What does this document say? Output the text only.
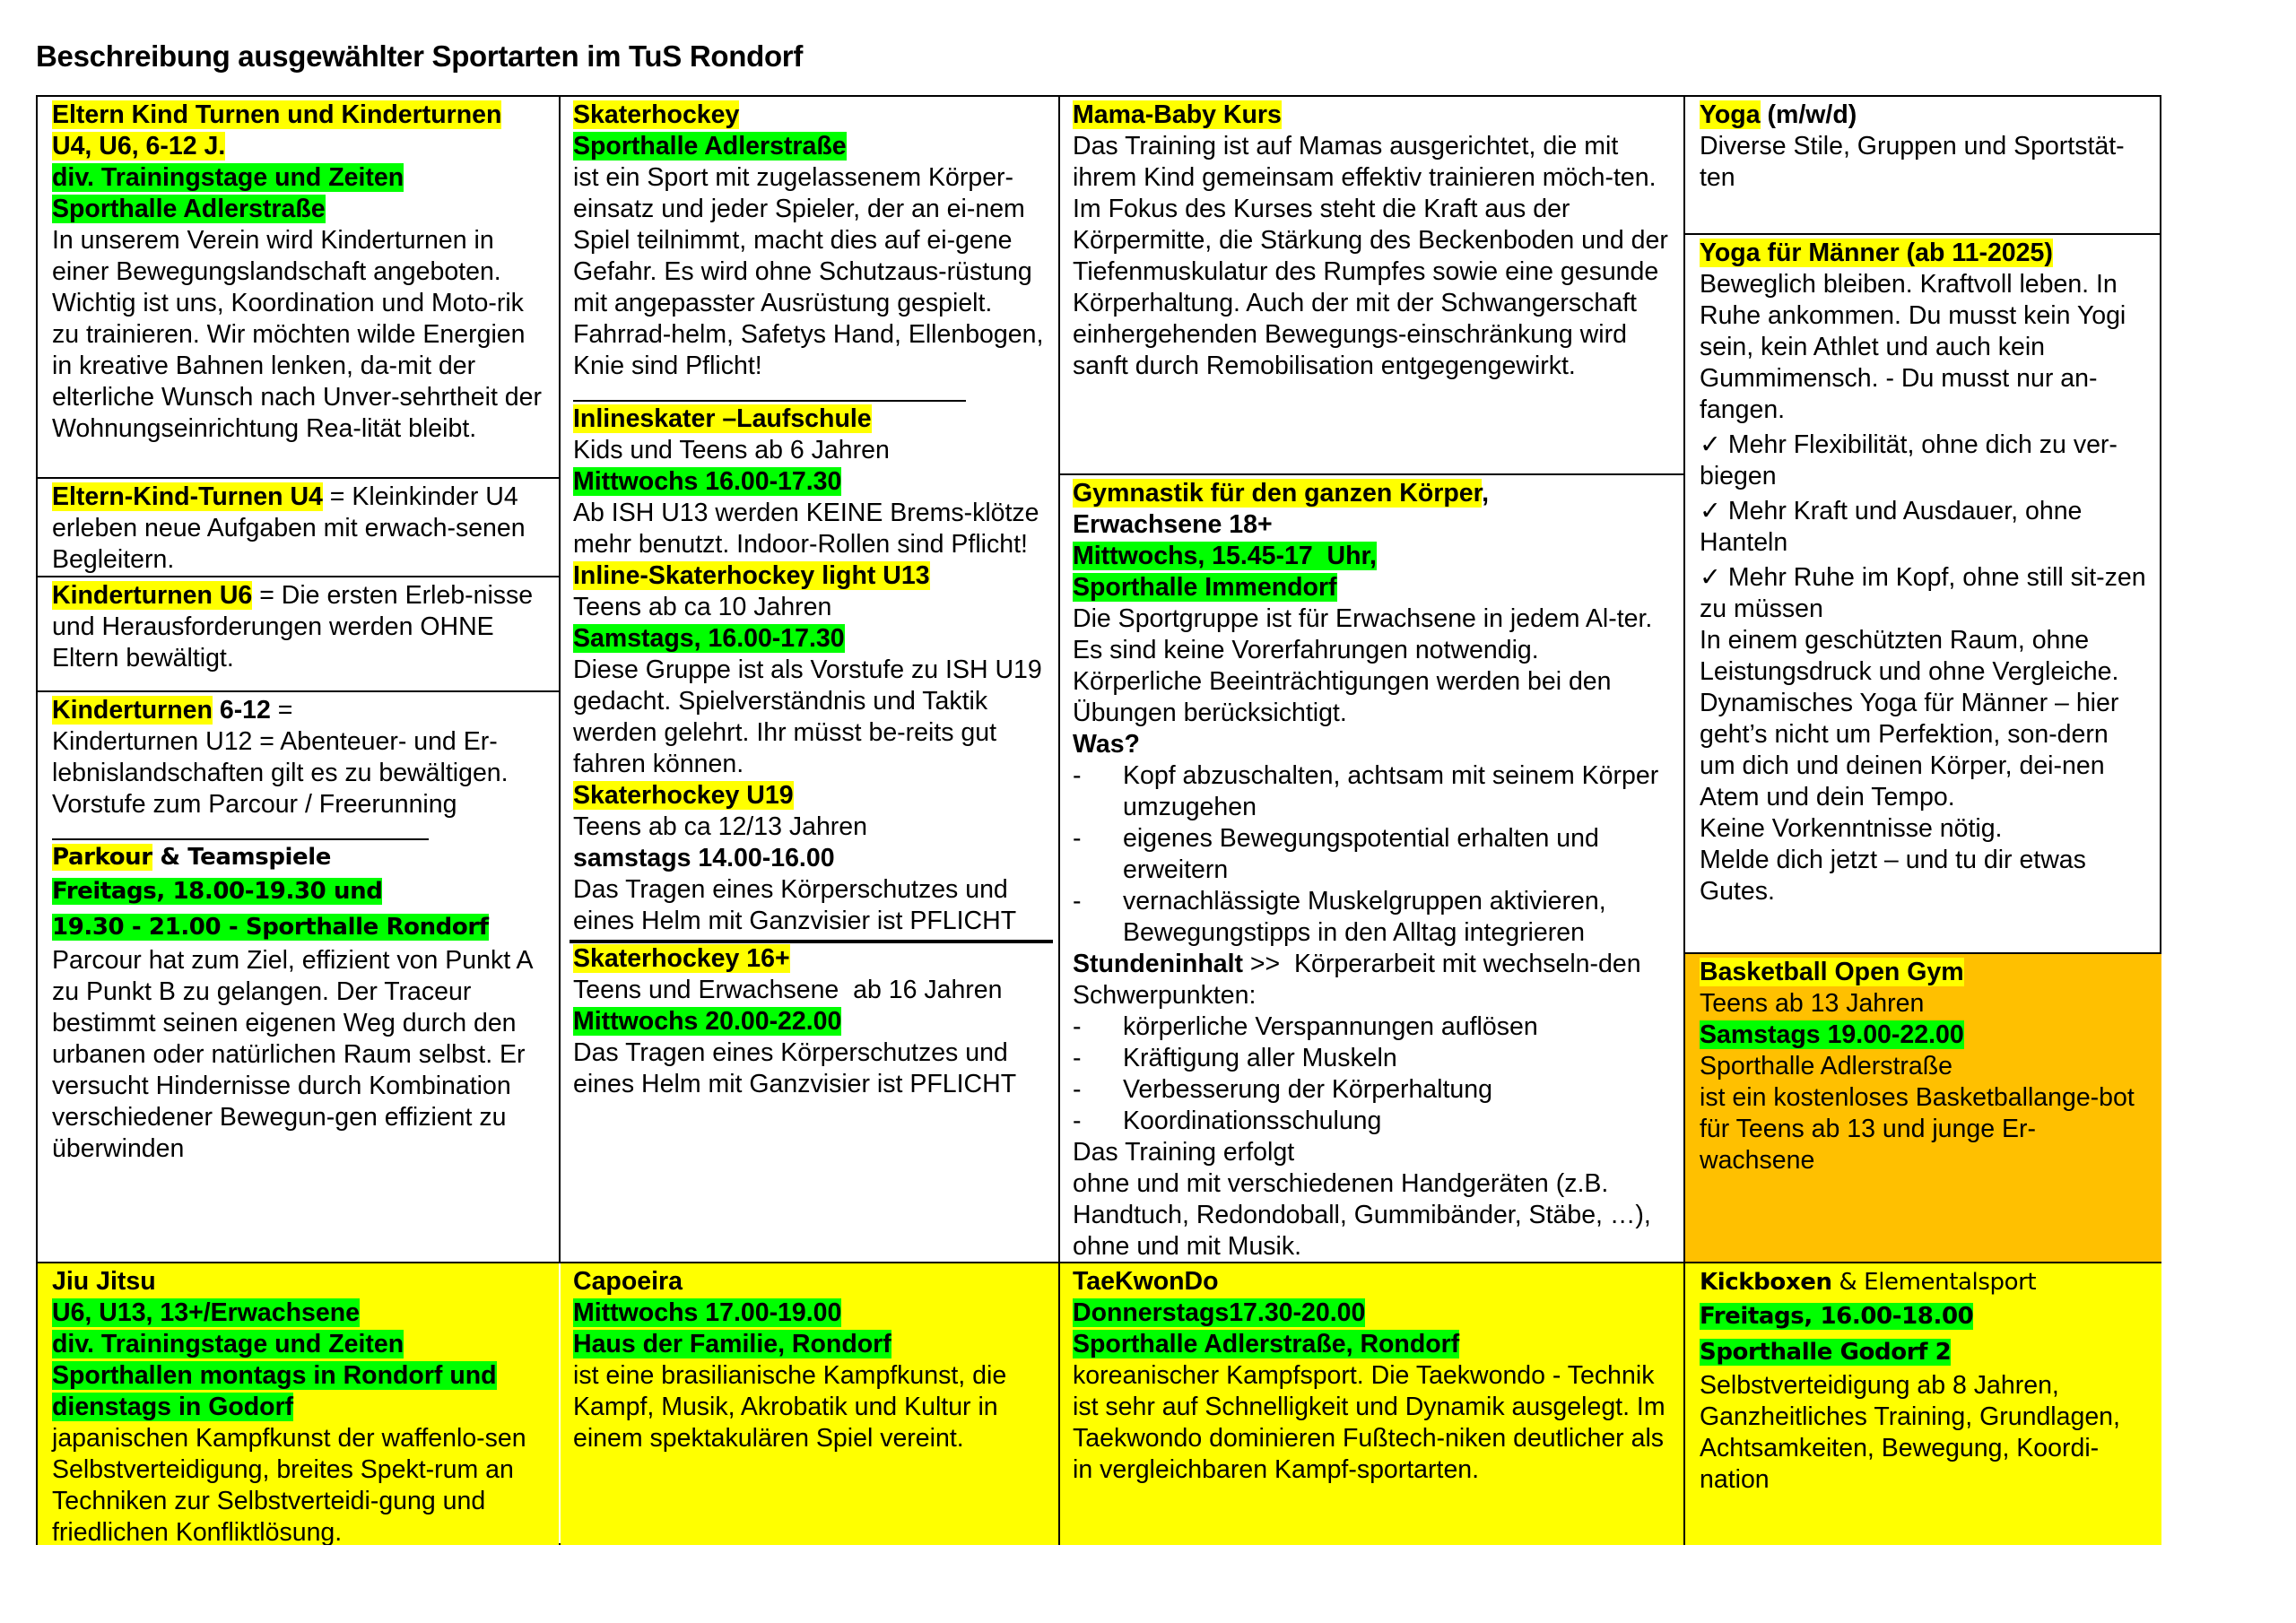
Beschreibung ausgewählter Sportarten im TuS Rondorf
Eltern Kind Turnen und Kinderturnen
U4, U6, 6-12 J.
div. Trainingstage und Zeiten
Sporthalle Adlerstraße
In unserem Verein wird Kinderturnen in einer Bewegungslandschaft angeboten. Wichtig ist uns, Koordination und Moto-rik zu trainieren. Wir möchten wilde Energien in kreative Bahnen lenken, da-mit der elterliche Wunsch nach Unver-sehrtheit der Wohnungseinrichtung Rea-lität bleibt.
Eltern-Kind-Turnen U4 = Kleinkinder U4 erleben neue Aufgaben mit erwach-senen Begleitern.
Kinderturnen U6 = Die ersten Erleb-nisse und Herausforderungen werden OHNE Eltern bewältigt.
Kinderturnen 6-12 =
Kinderturnen U12 = Abenteuer- und Er-lebnislandschaften gilt es zu bewältigen. Vorstufe zum Parcour / Freerunning
Parkour & Teamspiele
Freitags, 18.00-19.30 und
19.30 - 21.00 - Sporthalle Rondorf
Parcour hat zum Ziel, effizient von Punkt A zu Punkt B zu gelangen. Der Traceur bestimmt seinen eigenen Weg durch den urbanen oder natürlichen Raum selbst. Er versucht Hindernisse durch Kombination verschiedener Bewegun-gen effizient zu überwinden
Skaterhockey
Sporthalle Adlerstraße
ist ein Sport mit zugelassenem Körper-einsatz und jeder Spieler, der an ei-nem Spiel teilnimmt, macht dies auf ei-gene Gefahr. Es wird ohne Schutzaus-rüstung mit angepasster Ausrüstung gespielt. Fahrrad-helm, Safetys Hand, Ellenbogen, Knie sind Pflicht!
Inlineskater –Laufschule
Kids und Teens ab 6 Jahren
Mittwochs 16.00-17.30
Ab ISH U13 werden KEINE Brems-klötze mehr benutzt. Indoor-Rollen sind Pflicht!
Inline-Skaterhockey light U13
Teens ab ca 10 Jahren
Samstags, 16.00-17.30
Diese Gruppe ist als Vorstufe zu ISH U19 gedacht. Spielverständnis und Taktik werden gelehrt. Ihr müsst be-reits gut fahren können.
Skaterhockey U19
Teens ab ca 12/13 Jahren
samstags 14.00-16.00
Das Tragen eines Körperschutzes und eines Helm mit Ganzvisier ist PFLICHT
Skaterhockey 16+
Teens und Erwachsene  ab 16 Jahren
Mittwochs 20.00-22.00
Das Tragen eines Körperschutzes und eines Helm mit Ganzvisier ist PFLICHT
Mama-Baby Kurs
Das Training ist auf Mamas ausgerichtet, die mit ihrem Kind gemeinsam effektiv trainieren möch-ten. Im Fokus des Kurses steht die Kraft aus der Körpermitte, die Stärkung des Beckenboden und der Tiefenmuskulatur des Rumpfes sowie eine gesunde Körperhaltung. Auch der mit der Schwangerschaft einhergehenden Bewegungs-einschränkung wird sanft durch Remobilisation entgegengewirkt.
Gymnastik für den ganzen Körper,
Erwachsene 18+
Mittwochs, 15.45-17  Uhr,
Sporthalle Immendorf
Die Sportgruppe ist für Erwachsene in jedem Al-ter. Es sind keine Vorerfahrungen notwendig. Körperliche Beeinträchtigungen werden bei den Übungen berücksichtigt.
Was?
-	Kopf abzuschalten, achtsam mit seinem Körper umzugehen
-	eigenes Bewegungspotential erhalten und erweitern
-	vernachlässigte Muskelgruppen aktivieren, Bewegungstipps in den Alltag integrieren
Stundeninhalt >>  Körperarbeit mit wechseln-den Schwerpunkten:
-	körperliche Verspannungen auflösen
-	Kräftigung aller Muskeln
-	Verbesserung der Körperhaltung
-	Koordinationsschulung
Das Training erfolgt
ohne und mit verschiedenen Handgeräten (z.B. Handtuch, Redondoball, Gummibänder, Stäbe, …), ohne und mit Musik.
Yoga (m/w/d)
Diverse Stile, Gruppen und Sportstät-ten
Yoga für Männer (ab 11-2025)
Beweglich bleiben. Kraftvoll leben. In Ruhe ankommen. Du musst kein Yogi sein, kein Athlet und auch kein Gummimensch. - Du musst nur an-fangen.
✓ Mehr Flexibilität, ohne dich zu ver-biegen
✓ Mehr Kraft und Ausdauer, ohne Hanteln
✓ Mehr Ruhe im Kopf, ohne still sit-zen zu müssen
In einem geschützten Raum, ohne Leistungsdruck und ohne Vergleiche. Dynamisches Yoga für Männer – hier geht’s nicht um Perfektion, son-dern um dich und deinen Körper, dei-nen Atem und dein Tempo.
Keine Vorkenntnisse nötig.
Melde dich jetzt – und tu dir etwas Gutes.
Basketball Open Gym
Teens ab 13 Jahren
Samstags 19.00-22.00
Sporthalle Adlerstraße
ist ein kostenloses Basketballange-bot für Teens ab 13 und junge Er-wachsene
Jiu Jitsu
U6, U13, 13+/Erwachsene
div. Trainingstage und Zeiten
Sporthallen montags in Rondorf und
dienstags in Godorf
japanischen Kampfkunst der waffenlo-sen Selbstverteidigung, breites Spekt-rum an Techniken zur Selbstverteidi-gung und friedlichen Konfliktlösung.
Capoeira
Mittwochs 17.00-19.00
Haus der Familie, Rondorf
ist eine brasilianische Kampfkunst, die Kampf, Musik, Akrobatik und Kultur in einem spektakulären Spiel vereint.
TaeKwonDo
Donnerstags17.30-20.00
Sporthalle Adlerstraße, Rondorf
koreanischer Kampfsport. Die Taekwondo - Technik ist sehr auf Schnelligkeit und Dynamik ausgelegt. Im Taekwondo dominieren Fußtech-niken deutlicher als in vergleichbaren Kampf-sportarten.
Kickboxen & Elementalsport
Freitags, 16.00-18.00
Sporthalle Godorf 2
Selbstverteidigung ab 8 Jahren, Ganzheitliches Training, Grundlagen, Achtsamkeiten, Bewegung, Koordi-nation
